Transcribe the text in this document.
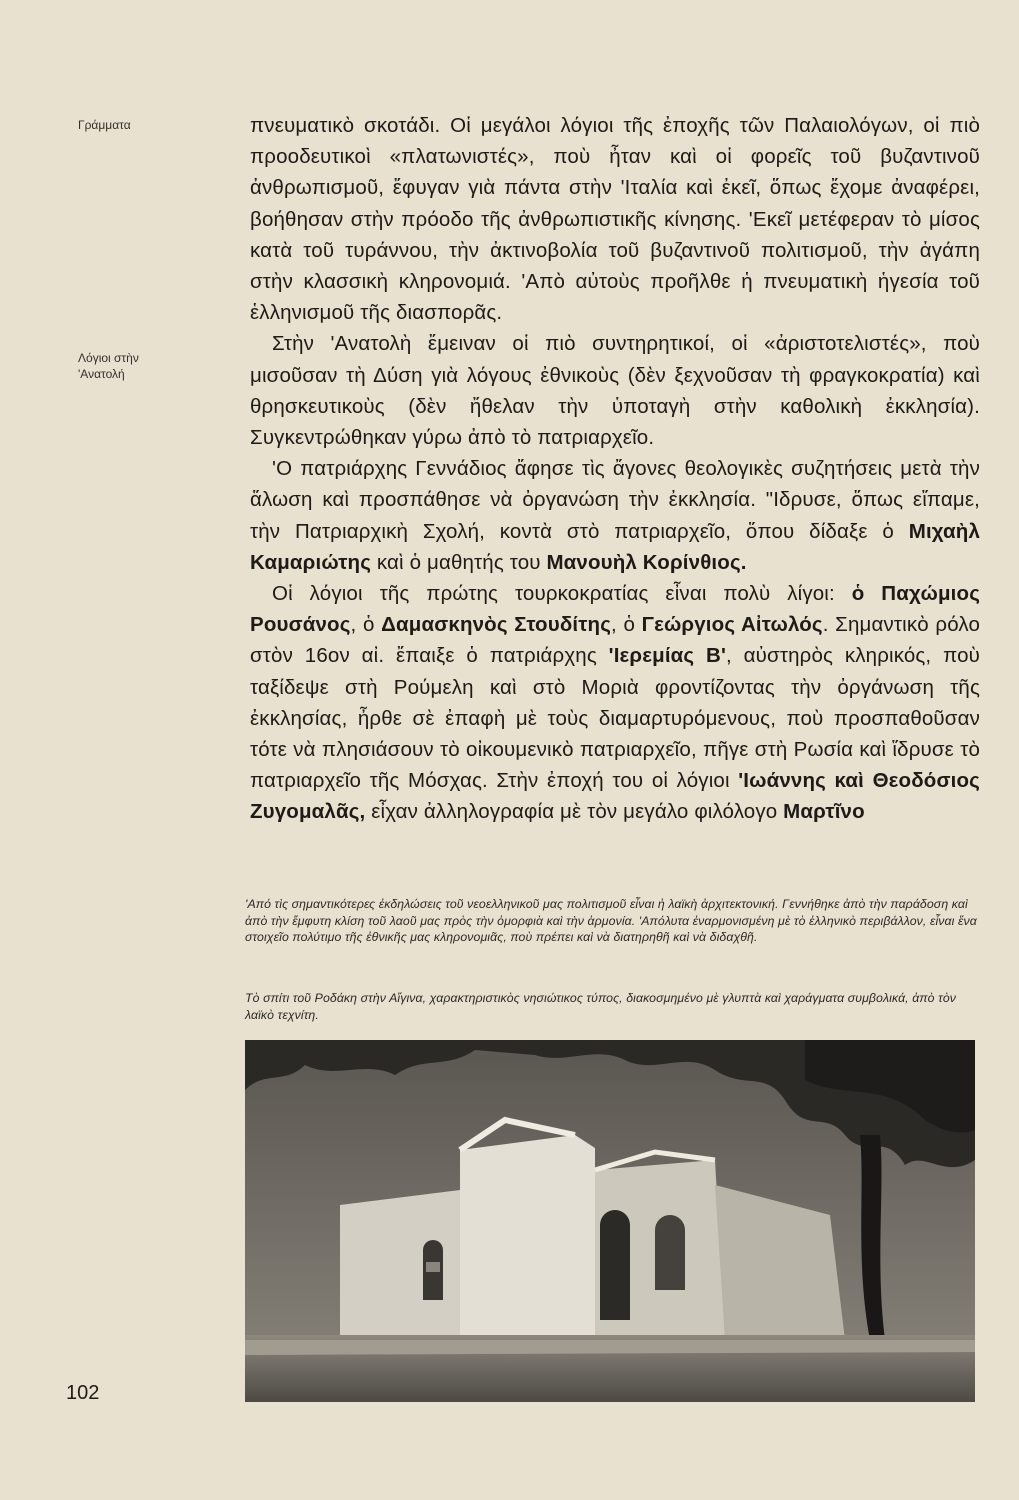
Γράμματα
Λόγιοι στὴν
'Ανατολή

πνευματικὸ σκοτάδι. Οἱ μεγάλοι λόγιοι τῆς ἐποχῆς τῶν Παλαιολόγων, οἱ πιὸ προοδευτικοὶ «πλατωνιστές», ποὺ ἦταν καὶ οἱ φορεῖς τοῦ βυζαντινοῦ ἀνθρωπισμοῦ, ἔφυγαν γιὰ πάντα στὴν 'Ιταλία καὶ ἐκεῖ, ὅπως ἔχομε ἀναφέρει, βοήθησαν στὴν πρόοδο τῆς ἀνθρωπιστικῆς κίνησης. 'Εκεῖ μετέφεραν τὸ μίσος κατὰ τοῦ τυράννου, τὴν ἀκτινοβολία τοῦ βυζαντινοῦ πολιτισμοῦ, τὴν ἀγάπη στὴν κλασσικὴ κληρονομιά. 'Απὸ αὐτοὺς προῆλθε ἡ πνευματικὴ ἡγεσία τοῦ ἑλληνισμοῦ τῆς διασπορᾶς.

Στὴν 'Ανατολὴ ἔμειναν οἱ πιὸ συντηρητικοί, οἱ «ἀριστοτελιστές», ποὺ μισοῦσαν τὴ Δύση γιὰ λόγους ἐθνικοὺς (δὲν ξεχνοῦσαν τὴ φραγκοκρατία) καὶ θρησκευτικοὺς (δὲν ἤθελαν τὴν ὑποταγὴ στὴν καθολικὴ ἐκκλησία). Συγκεντρώθηκαν γύρω ἀπὸ τὸ πατριαρχεῖο.

'Ο πατριάρχης Γεννάδιος ἄφησε τὶς ἄγονες θεολογικὲς συζητήσεις μετὰ τὴν ἅλωση καὶ προσπάθησε νὰ ὀργανώση τὴν ἐκκλησία. "Ιδρυσε, ὅπως εἴπαμε, τὴν Πατριαρχικὴ Σχολή, κοντὰ στὸ πατριαρχεῖο, ὅπου δίδαξε ὁ Μιχαὴλ Καμαριώτης καὶ ὁ μαθητής του Μανουὴλ Κορίνθιος.

Οἱ λόγιοι τῆς πρώτης τουρκοκρατίας εἶναι πολὺ λίγοι: ὁ Παχώμιος Ρουσάνος, ὁ Δαμασκηνὸς Στουδίτης, ὁ Γεώργιος Αἰτωλός. Σημαντικὸ ρόλο στὸν 16ον αἰ. ἔπαιξε ὁ πατριάρχης 'Ιερεμίας Β', αὐστηρὸς κληρικός, ποὺ ταξίδεψε στὴ Ρούμελη καὶ στὸ Μοριὰ φροντίζοντας τὴν ὀργάνωση τῆς ἐκκλησίας, ἦρθε σὲ ἐπαφὴ μὲ τοὺς διαμαρτυρόμενους, ποὺ προσπαθοῦσαν τότε νὰ πλησιάσουν τὸ οἰκουμενικὸ πατριαρχεῖο, πῆγε στὴ Ρωσία καὶ ἵδρυσε τὸ πατριαρχεῖο τῆς Μόσχας. Στὴν ἐποχή του οἱ λόγιοι 'Ιωάννης καὶ Θεοδόσιος Ζυγομαλᾶς, εἶχαν ἀλληλογραφία μὲ τὸν μεγάλο φιλόλογο Μαρτῖνο

'Από τὶς σημαντικότερες ἐκδηλώσεις τοῦ νεοελληνικοῦ μας πολιτισμοῦ εἶναι ἡ λαϊκὴ ἀρχιτεκτονική. Γεννήθηκε ἀπὸ τὴν παράδοση καὶ ἀπὸ τὴν ἔμφυτη κλίση τοῦ λαοῦ μας πρὸς τὴν ὁμορφιὰ καὶ τὴν ἁρμονία. 'Απόλυτα ἐναρμονισμένη μὲ τὸ ἑλληνικὸ περιβάλλον, εἶναι ἕνα στοιχεῖο πολύτιμο τῆς ἐθνικῆς μας κληρονομιᾶς, ποὺ πρέπει καὶ νὰ διατηρηθῆ καὶ νὰ διδαχθῆ.
Τὸ σπίτι τοῦ Ροδάκη στὴν Αἴγινα, χαρακτηριστικὸς νησιώτικος τύπος, διακοσμημένο μὲ γλυπτὰ καὶ χαράγματα συμβολικά, ἀπὸ τὸν λαϊκὸ τεχνίτη.
102
